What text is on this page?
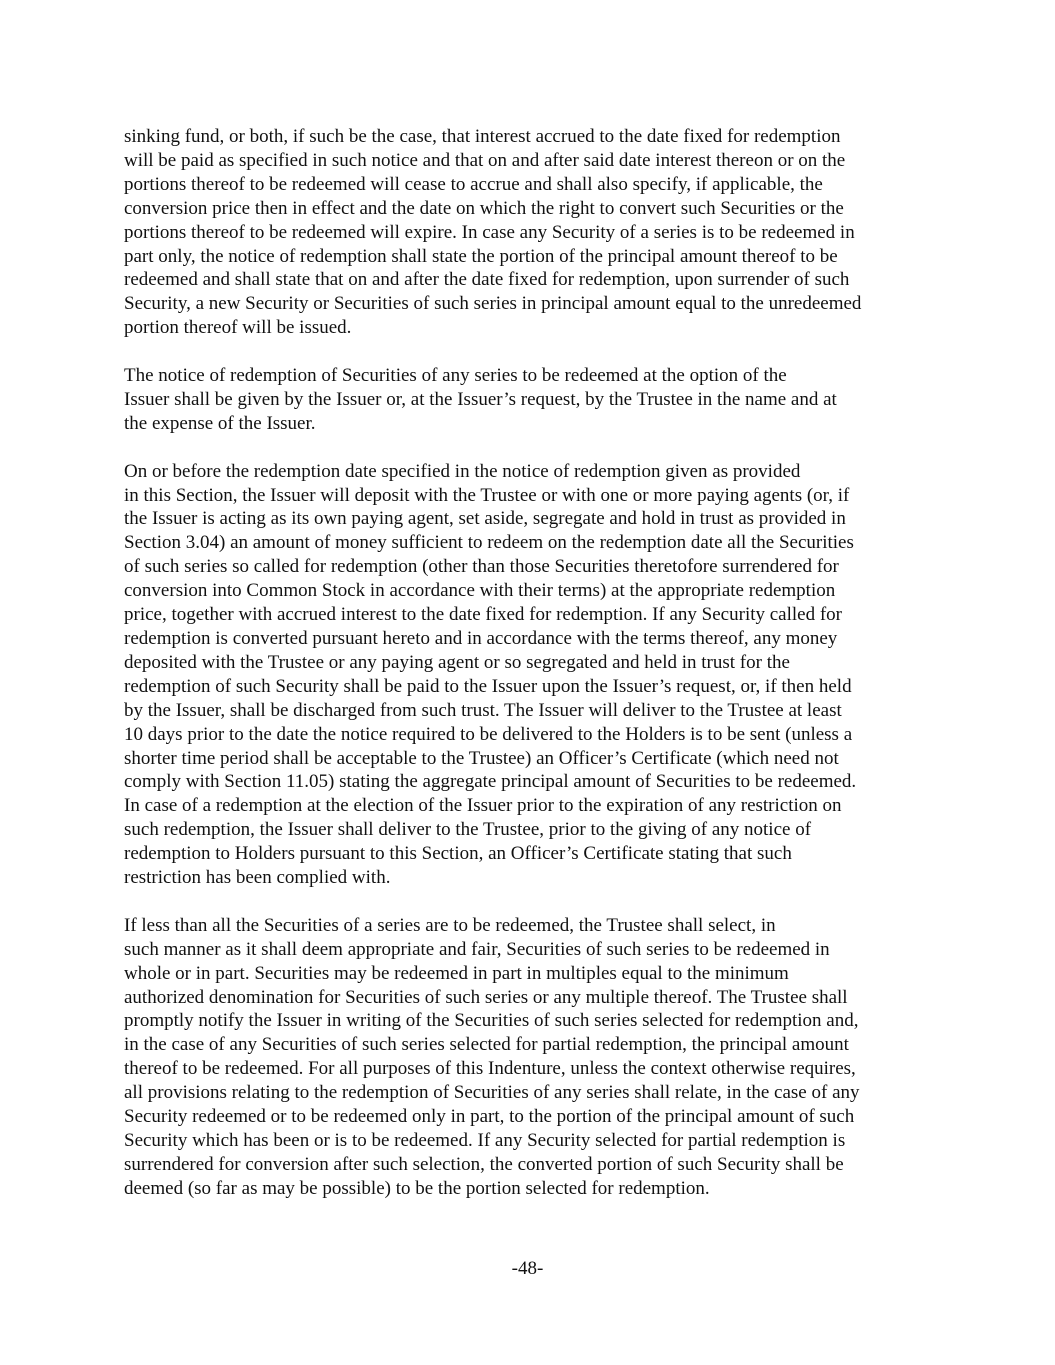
sinking fund, or both, if such be the case, that interest accrued to the date fixed for redemption
will be paid as specified in such notice and that on and after said date interest thereon or on the
portions thereof to be redeemed will cease to accrue and shall also specify, if applicable, the
conversion price then in effect and the date on which the right to convert such Securities or the
portions thereof to be redeemed will expire. In case any Security of a series is to be redeemed in
part only, the notice of redemption shall state the portion of the principal amount thereof to be
redeemed and shall state that on and after the date fixed for redemption, upon surrender of such
Security, a new Security or Securities of such series in principal amount equal to the unredeemed
portion thereof will be issued.

The notice of redemption of Securities of any series to be redeemed at the option of the
Issuer shall be given by the Issuer or, at the Issuer’s request, by the Trustee in the name and at
the expense of the Issuer.

On or before the redemption date specified in the notice of redemption given as provided
in this Section, the Issuer will deposit with the Trustee or with one or more paying agents (or, if
the Issuer is acting as its own paying agent, set aside, segregate and hold in trust as provided in
Section 3.04) an amount of money sufficient to redeem on the redemption date all the Securities
of such series so called for redemption (other than those Securities theretofore surrendered for
conversion into Common Stock in accordance with their terms) at the appropriate redemption
price, together with accrued interest to the date fixed for redemption. If any Security called for
redemption is converted pursuant hereto and in accordance with the terms thereof, any money
deposited with the Trustee or any paying agent or so segregated and held in trust for the
redemption of such Security shall be paid to the Issuer upon the Issuer’s request, or, if then held
by the Issuer, shall be discharged from such trust. The Issuer will deliver to the Trustee at least
10 days prior to the date the notice required to be delivered to the Holders is to be sent (unless a
shorter time period shall be acceptable to the Trustee) an Officer’s Certificate (which need not
comply with Section 11.05) stating the aggregate principal amount of Securities to be redeemed.
In case of a redemption at the election of the Issuer prior to the expiration of any restriction on
such redemption, the Issuer shall deliver to the Trustee, prior to the giving of any notice of
redemption to Holders pursuant to this Section, an Officer’s Certificate stating that such
restriction has been complied with.

If less than all the Securities of a series are to be redeemed, the Trustee shall select, in
such manner as it shall deem appropriate and fair, Securities of such series to be redeemed in
whole or in part. Securities may be redeemed in part in multiples equal to the minimum
authorized denomination for Securities of such series or any multiple thereof. The Trustee shall
promptly notify the Issuer in writing of the Securities of such series selected for redemption and,
in the case of any Securities of such series selected for partial redemption, the principal amount
thereof to be redeemed. For all purposes of this Indenture, unless the context otherwise requires,
all provisions relating to the redemption of Securities of any series shall relate, in the case of any
Security redeemed or to be redeemed only in part, to the portion of the principal amount of such
Security which has been or is to be redeemed. If any Security selected for partial redemption is
surrendered for conversion after such selection, the converted portion of such Security shall be
deemed (so far as may be possible) to be the portion selected for redemption.

-48-
